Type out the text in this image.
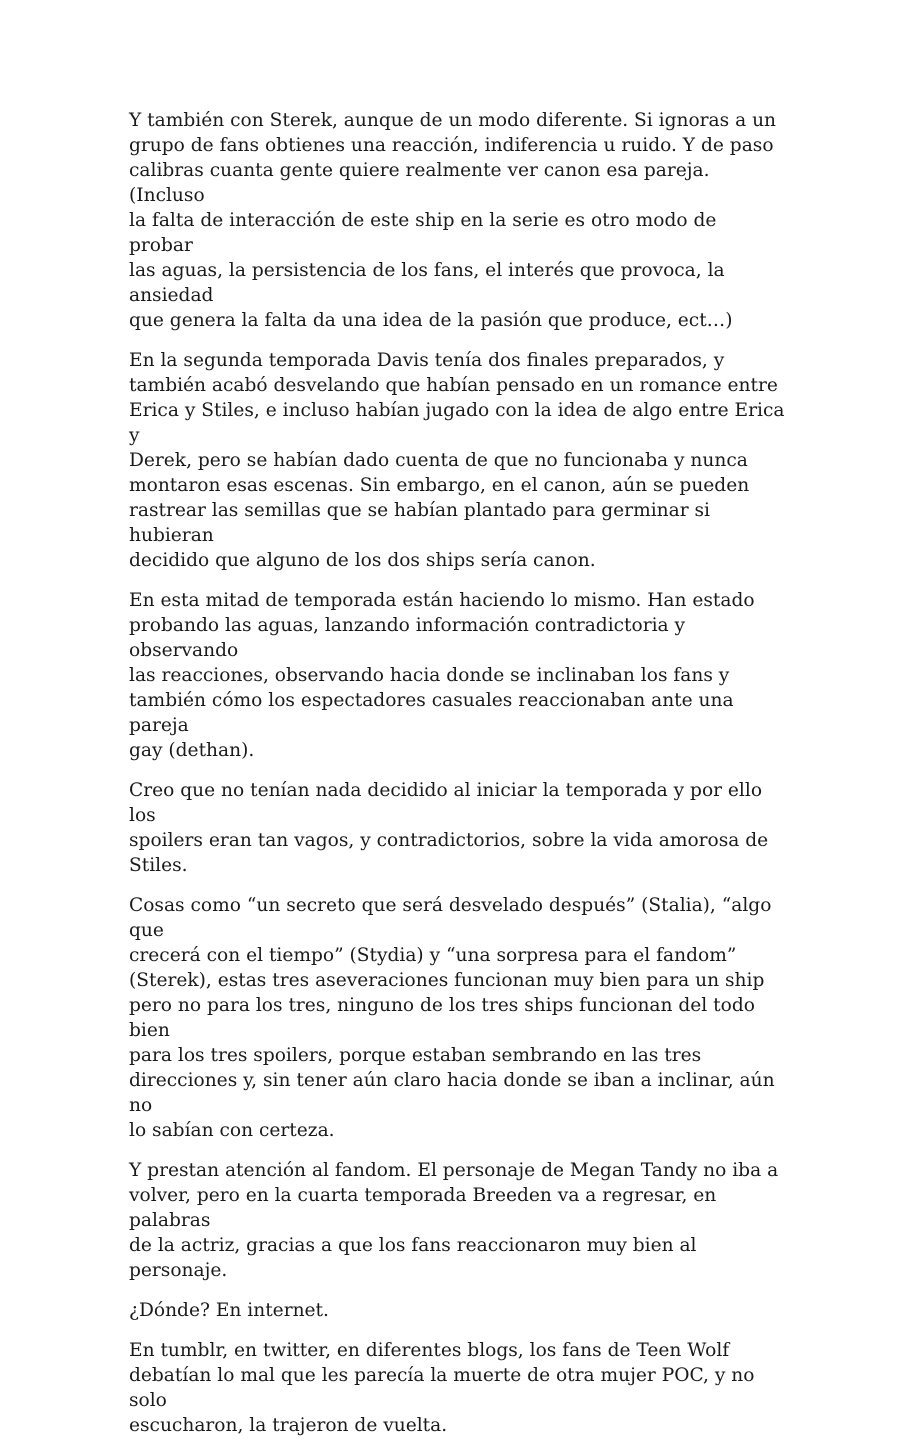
Y también con Sterek, aunque de un modo diferente. Si ignoras a un
grupo de fans obtienes una reacción, indiferencia u ruido. Y de paso
calibras cuanta gente quiere realmente ver canon esa pareja. (Incluso
la falta de interacción de este ship en la serie es otro modo de probar
las aguas, la persistencia de los fans, el interés que provoca, la ansiedad
que genera la falta da una idea de la pasión que produce, ect…)

En la segunda temporada Davis tenía dos finales preparados, y
también acabó desvelando que habían pensado en un romance entre
Erica y Stiles, e incluso habían jugado con la idea de algo entre Erica y
Derek, pero se habían dado cuenta de que no funcionaba y nunca
montaron esas escenas. Sin embargo, en el canon, aún se pueden
rastrear las semillas que se habían plantado para germinar si hubieran
decidido que alguno de los dos ships sería canon.

En esta mitad de temporada están haciendo lo mismo. Han estado
probando las aguas, lanzando información contradictoria y observando
las reacciones, observando hacia donde se inclinaban los fans y
también cómo los espectadores casuales reaccionaban ante una pareja
gay (dethan).

Creo que no tenían nada decidido al iniciar la temporada y por ello los
spoilers eran tan vagos, y contradictorios, sobre la vida amorosa de
Stiles.

Cosas como “un secreto que será desvelado después” (Stalia), “algo que
crecerá con el tiempo” (Stydia) y “una sorpresa para el fandom”
(Sterek), estas tres aseveraciones funcionan muy bien para un ship
pero no para los tres, ninguno de los tres ships funcionan del todo bien
para los tres spoilers, porque estaban sembrando en las tres
direcciones y, sin tener aún claro hacia donde se iban a inclinar, aún no
lo sabían con certeza.

Y prestan atención al fandom. El personaje de Megan Tandy no iba a
volver, pero en la cuarta temporada Breeden va a regresar, en palabras
de la actriz, gracias a que los fans reaccionaron muy bien al personaje.

¿Dónde? En internet.

En tumblr, en twitter, en diferentes blogs, los fans de Teen Wolf
debatían lo mal que les parecía la muerte de otra mujer POC, y no solo
escucharon, la trajeron de vuelta.
